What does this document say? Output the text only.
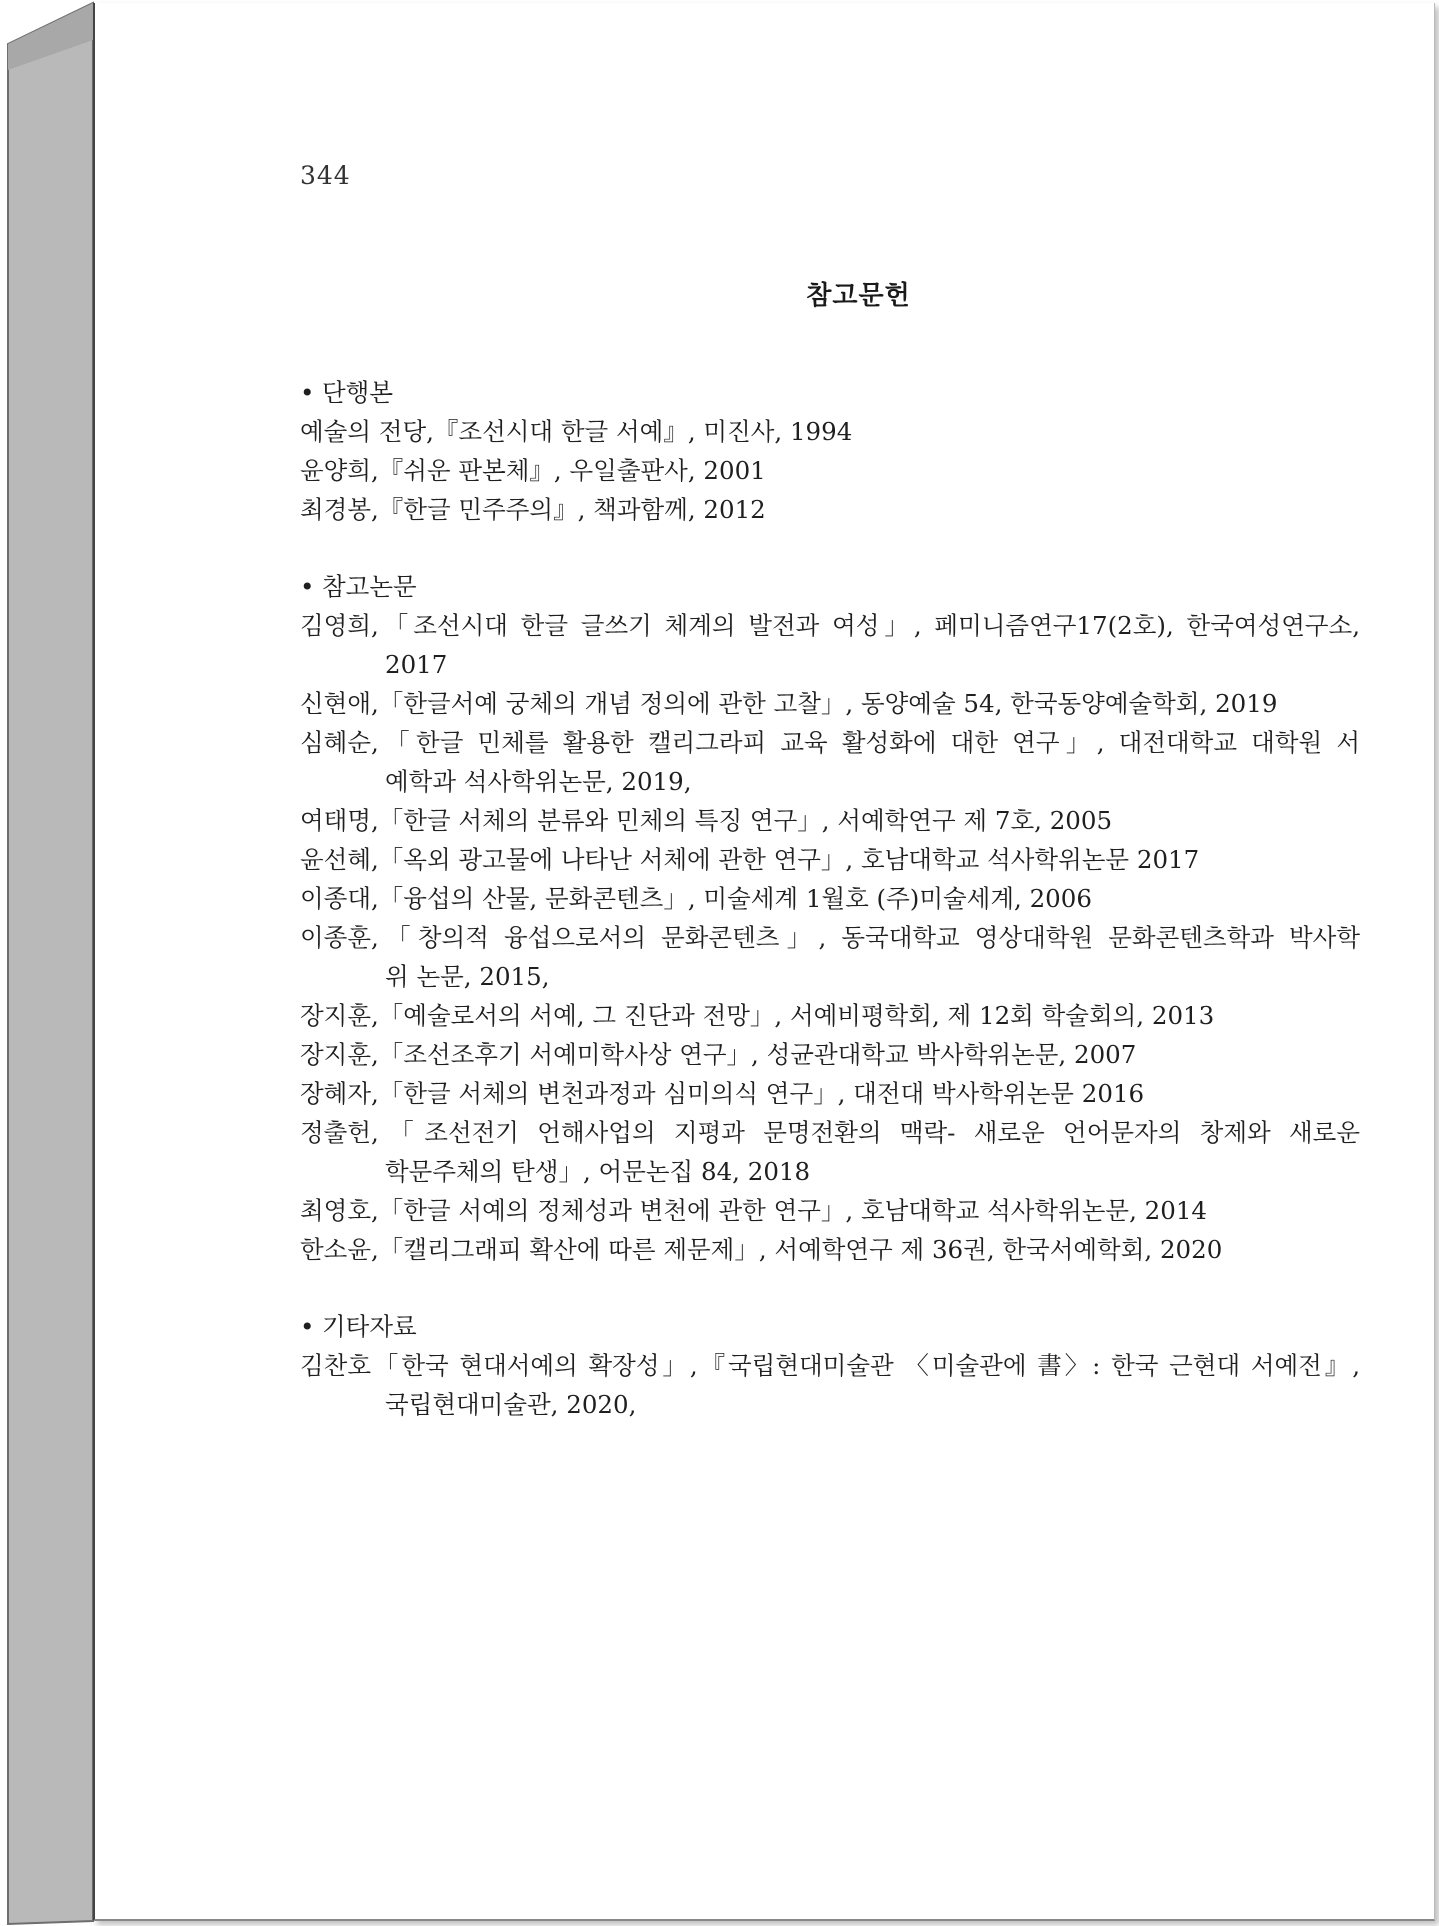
344
참고문헌
• 단행본
예술의 전당,『조선시대 한글 서예』, 미진사, 1994
윤양희,『쉬운 판본체』, 우일출판사, 2001
최경봉,『한글 민주주의』, 책과함께, 2012
• 참고논문
김영희,「조선시대 한글 글쓰기 체계의 발전과 여성」, 페미니즘연구17(2호), 한국여성연구소,
2017
신현애,「한글서예 궁체의 개념 정의에 관한 고찰」, 동양예술 54, 한국동양예술학회, 2019
심혜순,「한글 민체를 활용한 캘리그라피 교육 활성화에 대한 연구」, 대전대학교 대학원 서
예학과 석사학위논문, 2019,
여태명,「한글 서체의 분류와 민체의 특징 연구」, 서예학연구 제 7호, 2005
윤선혜,「옥외 광고물에 나타난 서체에 관한 연구」, 호남대학교 석사학위논문 2017
이종대,「융섭의 산물, 문화콘텐츠」, 미술세계 1월호 (주)미술세계, 2006
이종훈,「창의적 융섭으로서의 문화콘텐츠」, 동국대학교 영상대학원 문화콘텐츠학과 박사학
위 논문, 2015,
장지훈,「예술로서의 서예, 그 진단과 전망」, 서예비평학회, 제 12회 학술회의, 2013
장지훈,「조선조후기 서예미학사상 연구」, 성균관대학교 박사학위논문, 2007
장혜자,「한글 서체의 변천과정과 심미의식 연구」, 대전대 박사학위논문 2016
정출헌,「조선전기 언해사업의 지평과 문명전환의 맥락- 새로운 언어문자의 창제와 새로운
학문주체의 탄생」, 어문논집 84, 2018
최영호,「한글 서예의 정체성과 변천에 관한 연구」, 호남대학교 석사학위논문, 2014
한소윤,「캘리그래피 확산에 따른 제문제」, 서예학연구 제 36권, 한국서예학회, 2020
• 기타자료
김찬호「한국 현대서예의 확장성」,『국립현대미술관 〈미술관에 書〉: 한국 근현대 서예전』,
국립현대미술관, 2020,
